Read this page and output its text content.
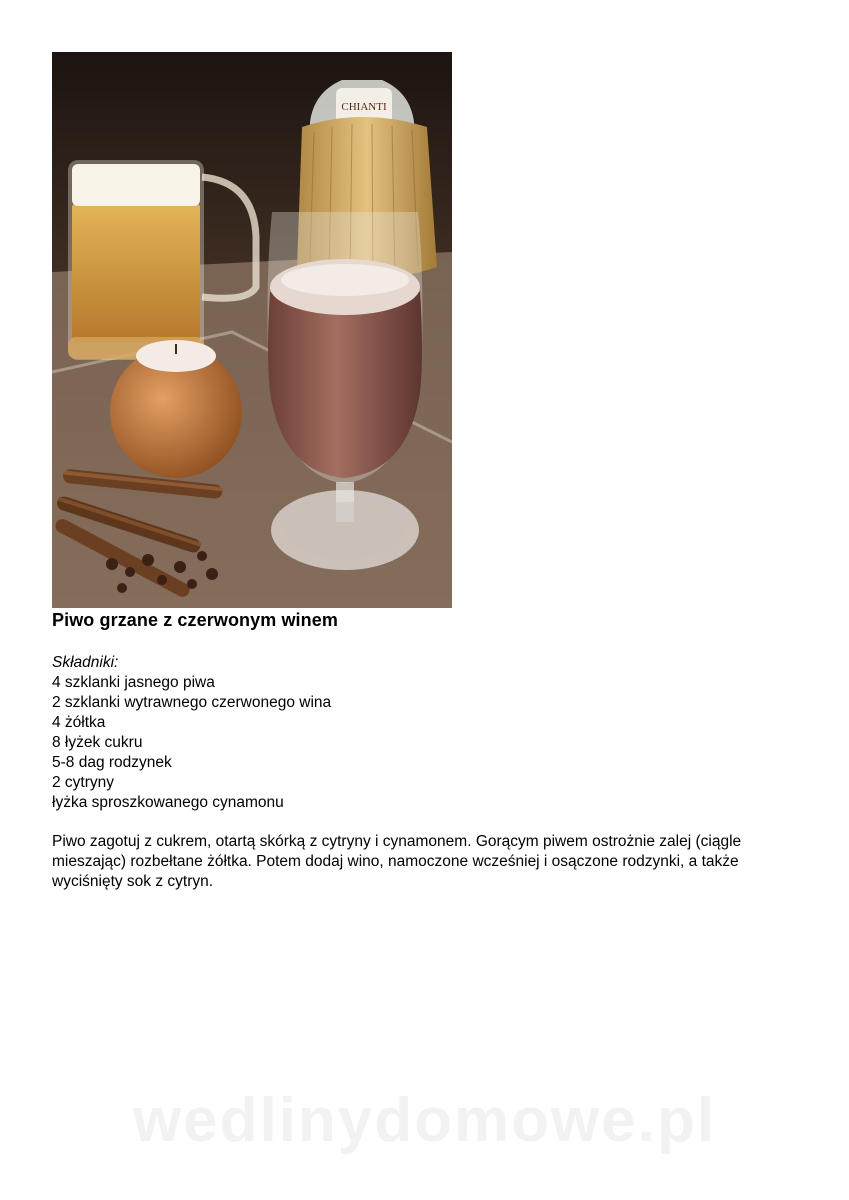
CHIANTI
Piwo grzane z czerwonym winem
Składniki:
4 szklanki jasnego piwa
2 szklanki wytrawnego czerwonego wina
4 żółtka
8 łyżek cukru
5-8 dag rodzynek
2 cytryny
łyżka sproszkowanego cynamonu
Piwo zagotuj z cukrem, otartą skórką z cytryny i cynamonem. Gorącym piwem ostrożnie zalej (ciągle mieszając) rozbełtane żółtka. Potem dodaj wino, namoczone wcześniej i osączone rodzynki, a także wyciśnięty sok z cytryn.
wedlinydomowe.pl
